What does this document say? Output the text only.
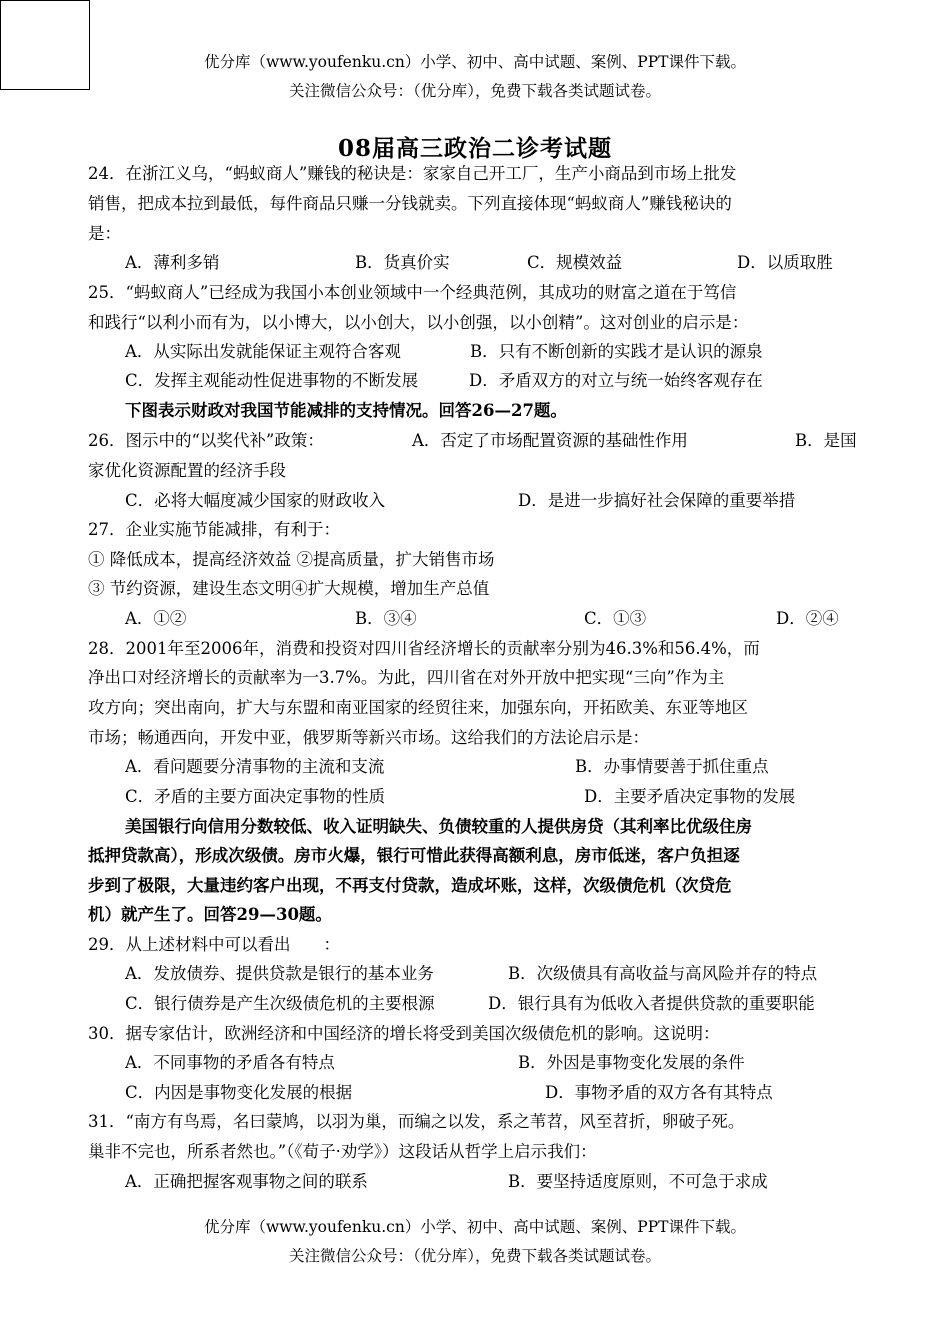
优分库（www.youfenku.cn）小学、初中、高中试题、案例、PPT课件下载。
关注微信公众号：（优分库），免费下载各类试题试卷。
08届高三政治二诊考试题
24．在浙江义乌，“蚂蚁商人”赚钱的秘诀是：家家自己开工厂，生产小商品到市场上批发
销售，把成本拉到最低，每件商品只赚一分钱就卖。下列直接体现“蚂蚁商人”赚钱秘诀的
是：
A．薄利多销	B．货真价实	C．规模效益	D．以质取胜
25．“蚂蚁商人”已经成为我国小本创业领域中一个经典范例，其成功的财富之道在于笃信
和践行“以利小而有为，以小博大，以小创大，以小创强，以小创精”。这对创业的启示是：
A．从实际出发就能保证主观符合客观	B．只有不断创新的实践才是认识的源泉
C．发挥主观能动性促进事物的不断发展	D．矛盾双方的对立与统一始终客观存在
下图表示财政对我国节能减排的支持情况。回答26—27题。
26．图示中的“以奖代补”政策：	A．否定了市场配置资源的基础性作用	B．是国
家优化资源配置的经济手段
C．必将大幅度减少国家的财政收入	D．是进一步搞好社会保障的重要举措
27．企业实施节能减排，有利于：
① 降低成本，提高经济效益 ②提高质量，扩大销售市场
③ 节约资源，建设生态文明④扩大规模，增加生产总值
A．①②	B．③④	C．①③	D．②④
28．2001年至2006年，消费和投资对四川省经济增长的贡献率分别为46.3%和56.4%，而
净出口对经济增长的贡献率为一3.7%。为此，四川省在对外开放中把实现“三向”作为主
攻方向；突出南向，扩大与东盟和南亚国家的经贸往来，加强东向，开拓欧美、东亚等地区
市场；畅通西向，开发中亚，俄罗斯等新兴市场。这给我们的方法论启示是：
A．看问题要分清事物的主流和支流	B．办事情要善于抓住重点
C．矛盾的主要方面决定事物的性质	D．主要矛盾决定事物的发展
美国银行向信用分数较低、收入证明缺失、负债较重的人提供房贷（其利率比优级住房
抵押贷款高），形成次级债。房市火爆，银行可惜此获得高额利息，房市低迷，客户负担逐
步到了极限，大量违约客户出现，不再支付贷款，造成坏账，这样，次级债危机（次贷危
机）就产生了。回答29—30题。
29．从上述材料中可以看出　　：
A．发放债券、提供贷款是银行的基本业务	B．次级债具有高收益与高风险并存的特点
C．银行债券是产生次级债危机的主要根源	D．银行具有为低收入者提供贷款的重要职能
30．据专家估计，欧洲经济和中国经济的增长将受到美国次级债危机的影响。这说明：
A．不同事物的矛盾各有特点	B．外因是事物变化发展的条件
C．内因是事物变化发展的根据	D．事物矛盾的双方各有其特点
31．“南方有鸟焉，名曰蒙鸠，以羽为巢，而编之以发，系之苇苕，风至苕折，卵破子死。
巢非不完也，所系者然也。”（《荀子·劝学》）这段话从哲学上启示我们：
A．正确把握客观事物之间的联系	B．要坚持适度原则，不可急于求成
优分库（www.youfenku.cn）小学、初中、高中试题、案例、PPT课件下载。
关注微信公众号：（优分库），免费下载各类试题试卷。
